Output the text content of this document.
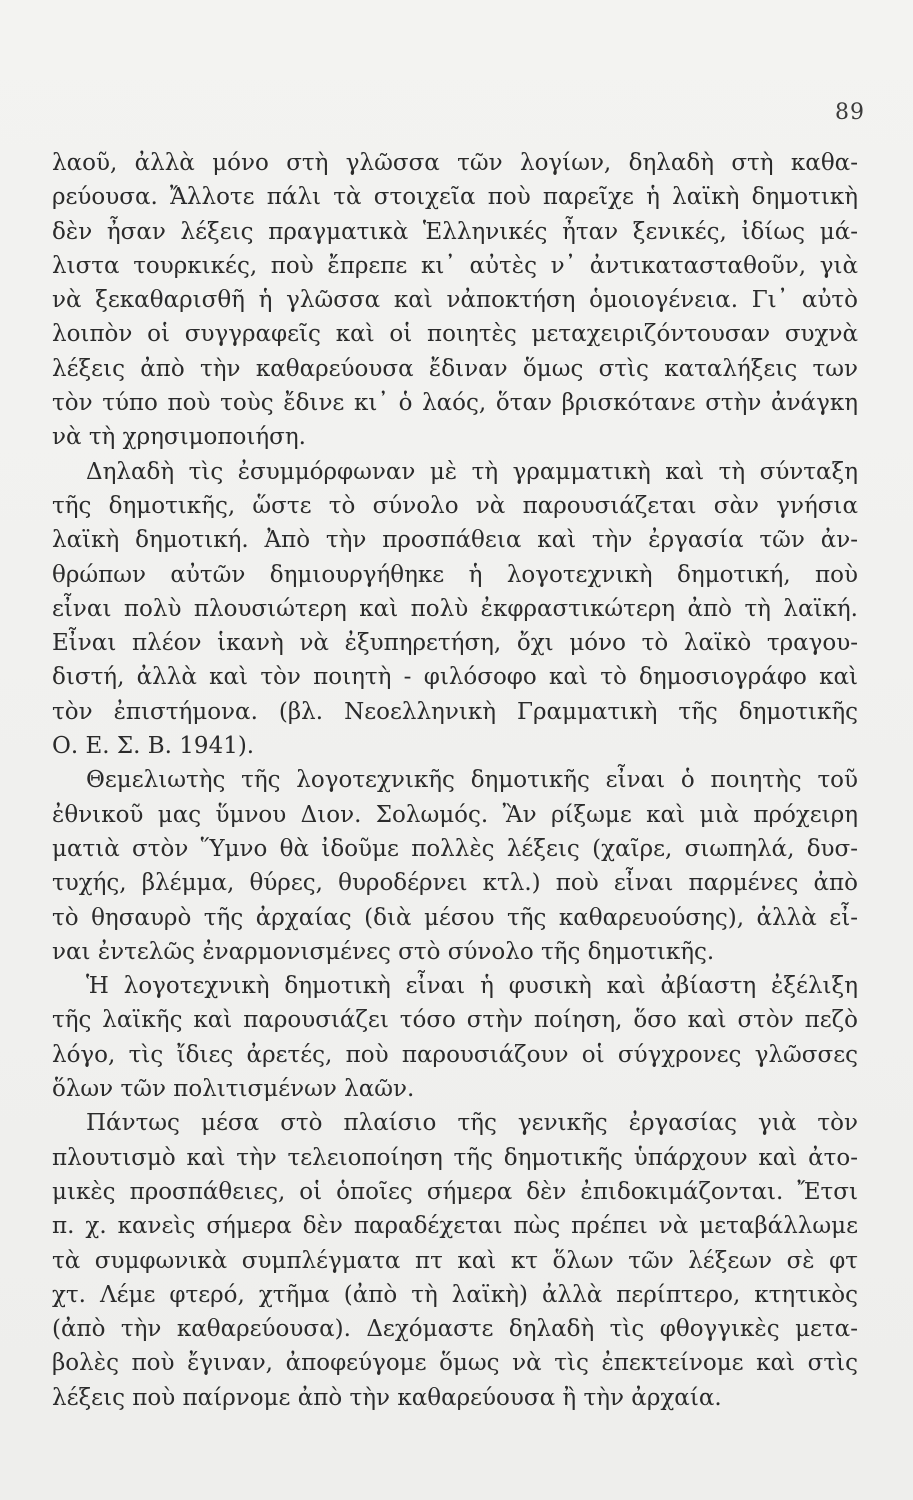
89
λαοῦ, ἀλλὰ μόνο στὴ γλῶσσα τῶν λογίων, δηλαδὴ στὴ καθα-
ρεύουσα. Ἄλλοτε πάλι τὰ στοιχεῖα ποὺ παρεῖχε ἡ λαϊκὴ δημοτικὴ
δὲν ἦσαν λέξεις πραγματικὰ Ἑλληνικές ἦταν ξενικές, ἰδίως μά-
λιστα τουρκικές, ποὺ ἔπρεπε κι᾽ αὐτὲς ν᾽ ἀντικατασταθοῦν, γιὰ
νὰ ξεκαθαρισθῆ ἡ γλῶσσα καὶ νἀποκτήση ὁμοιογένεια. Γι᾽ αὐτὸ
λοιπὸν οἱ συγγραφεῖς καὶ οἱ ποιητὲς μεταχειριζόντουσαν συχνὰ
λέξεις ἀπὸ τὴν καθαρεύουσα ἔδιναν ὅμως στὶς καταλήξεις των
τὸν τύπο ποὺ τοὺς ἔδινε κι᾽ ὁ λαός, ὅταν βρισκότανε στὴν ἀνάγκη
νὰ τὴ χρησιμοποιήση.
Δηλαδὴ τὶς ἐσυμμόρφωναν μὲ τὴ γραμματικὴ καὶ τὴ σύνταξη
τῆς δημοτικῆς, ὥστε τὸ σύνολο νὰ παρουσιάζεται σὰν γνήσια
λαϊκὴ δημοτική. Ἀπὸ τὴν προσπάθεια καὶ τὴν ἐργασία τῶν ἀν-
θρώπων αὐτῶν δημιουργήθηκε ἡ λογοτεχνικὴ δημοτική, ποὺ
εἶναι πολὺ πλουσιώτερη καὶ πολὺ ἐκφραστικώτερη ἀπὸ τὴ λαϊκή.
Εἶναι πλέον ἱκανὴ νὰ ἐξυπηρετήση, ὄχι μόνο τὸ λαϊκὸ τραγου-
διστή, ἀλλὰ καὶ τὸν ποιητὴ - φιλόσοφο καὶ τὸ δημοσιογράφο καὶ
τὸν ἐπιστήμονα. (βλ. Νεοελληνικὴ Γραμματικὴ τῆς δημοτικῆς
Ο. Ε. Σ. Β. 1941).
Θεμελιωτὴς τῆς λογοτεχνικῆς δημοτικῆς εἶναι ὁ ποιητὴς τοῦ
ἐθνικοῦ μας ὕμνου Διον. Σολωμός. Ἂν ρίξωμε καὶ μιὰ πρόχειρη
ματιὰ στὸν Ὕμνο θὰ ἰδοῦμε πολλὲς λέξεις (χαῖρε, σιωπηλά, δυσ-
τυχής, βλέμμα, θύρες, θυροδέρνει κτλ.) ποὺ εἶναι παρμένες ἀπὸ
τὸ θησαυρὸ τῆς ἀρχαίας (διὰ μέσου τῆς καθαρευούσης), ἀλλὰ εἶ-
ναι ἐντελῶς ἐναρμονισμένες στὸ σύνολο τῆς δημοτικῆς.
Ἡ λογοτεχνικὴ δημοτικὴ εἶναι ἡ φυσικὴ καὶ ἀβίαστη ἐξέλιξη
τῆς λαϊκῆς καὶ παρουσιάζει τόσο στὴν ποίηση, ὅσο καὶ στὸν πεζὸ
λόγο, τὶς ἴδιες ἀρετές, ποὺ παρουσιάζουν οἱ σύγχρονες γλῶσσες
ὅλων τῶν πολιτισμένων λαῶν.
Πάντως μέσα στὸ πλαίσιο τῆς γενικῆς ἐργασίας γιὰ τὸν
πλουτισμὸ καὶ τὴν τελειοποίηση τῆς δημοτικῆς ὑπάρχουν καὶ ἀτο-
μικὲς προσπάθειες, οἱ ὁποῖες σήμερα δὲν ἐπιδοκιμάζονται. Ἔτσι
π. χ. κανεὶς σήμερα δὲν παραδέχεται πὼς πρέπει νὰ μεταβάλλωμε
τὰ συμφωνικὰ συμπλέγματα πτ καὶ κτ ὅλων τῶν λέξεων σὲ φτ
χτ. Λέμε φτερό, χτῆμα (ἀπὸ τὴ λαϊκὴ) ἀλλὰ περίπτερο, κτητικὸς
(ἀπὸ τὴν καθαρεύουσα). Δεχόμαστε δηλαδὴ τὶς φθογγικὲς μετα-
βολὲς ποὺ ἔγιναν, ἀποφεύγομε ὅμως νὰ τὶς ἐπεκτείνομε καὶ στὶς
λέξεις ποὺ παίρνομε ἀπὸ τὴν καθαρεύουσα ἢ τὴν ἀρχαία.
